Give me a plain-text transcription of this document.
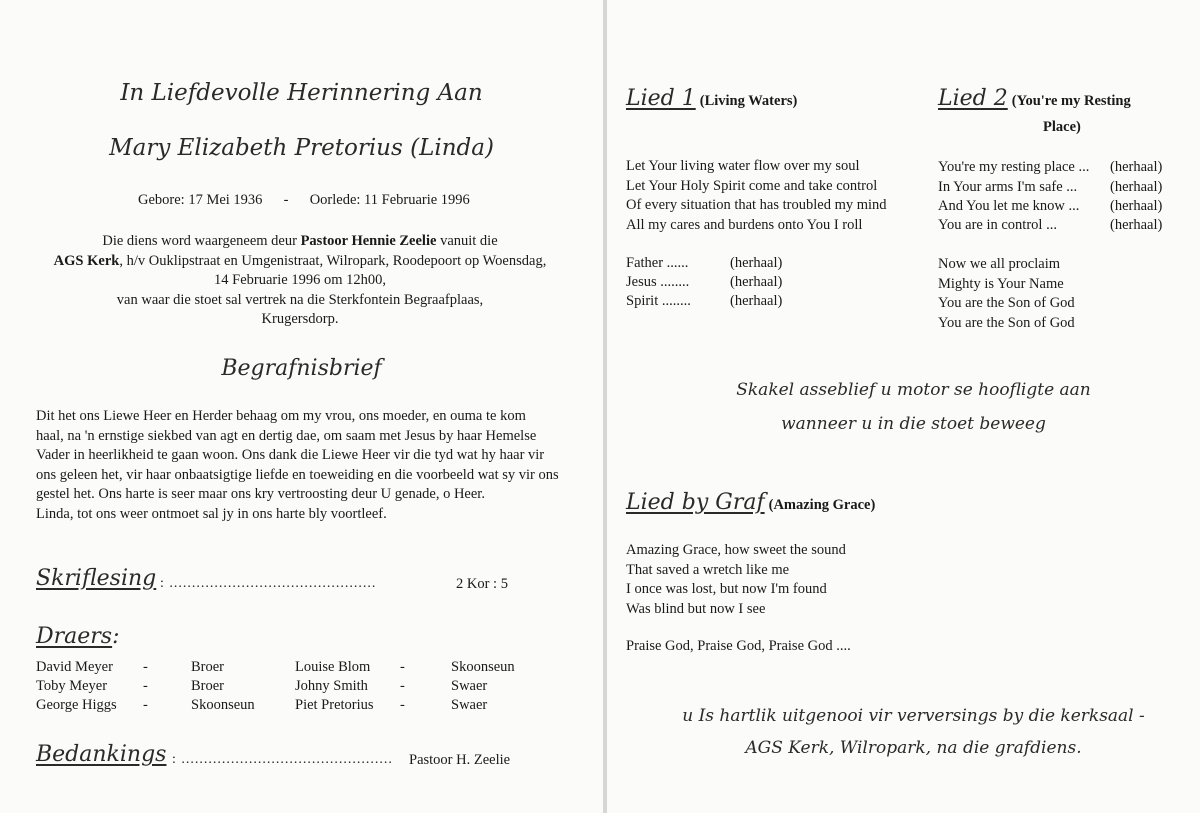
In Liefdevolle Herinnering Aan
Mary Elizabeth Pretorius (Linda)
Gebore: 17 Mei 1936 - Oorlede: 11 Februarie 1996
Die diens word waargeneem deur Pastoor Hennie Zeelie vanuit die
AGS Kerk, h/v Ouklipstraat en Umgenistraat, Wilropark, Roodepoort op Woensdag,
14 Februarie 1996 om 12h00,
van waar die stoet sal vertrek na die Sterkfontein Begraafplaas,
Krugersdorp.
Begrafnisbrief
Dit het ons Liewe Heer en Herder behaag om my vrou, ons moeder, en ouma te kom
haal, na 'n ernstige siekbed van agt en dertig dae, om saam met Jesus by haar Hemelse
Vader in heerlikheid te gaan woon. Ons dank die Liewe Heer vir die tyd wat hy haar vir
ons geleen het, vir haar onbaatsigtige liefde en toeweiding en die voorbeeld wat sy vir ons
gestel het. Ons harte is seer maar ons kry vertroosting deur U genade, o Heer.
Linda, tot ons weer ontmoet sal jy in ons harte bly voortleef.
Skriflesing : ..............................................	2 Kor : 5
Draers:
David Meyer -	Broer	Louise Blom -	Skoonseun
Toby Meyer -	Broer	Johny Smith -	Swaer
George Higgs -	Skoonseun	Piet Pretorius -	Swaer
Bedankings : ............................................... Pastoor H. Zeelie
Lied 1 (Living Waters)
Let Your living water flow over my soul
Let Your Holy Spirit come and take control
Of every situation that has troubled my mind
All my cares and burdens onto You I roll
Father ......	(herhaal)
Jesus ........	(herhaal)
Spirit ........	(herhaal)
Lied 2 (You're my Resting
Place)
You're my resting place ... (herhaal)
In Your arms I'm safe ... (herhaal)
And You let me know ... (herhaal)
You are in control ...	(herhaal)
Now we all proclaim
Mighty is Your Name
You are the Son of God
You are the Son of God
Skakel asseblief u motor se hoofligte aan
wanneer u in die stoet beweeg
Lied by Graf (Amazing Grace)
Amazing Grace, how sweet the sound
That saved a wretch like me
I once was lost, but now I'm found
Was blind but now I see
Praise God, Praise God, Praise God ....
u Is hartlik uitgenooi vir verversings by die kerksaal -
AGS Kerk, Wilropark, na die grafdiens.
